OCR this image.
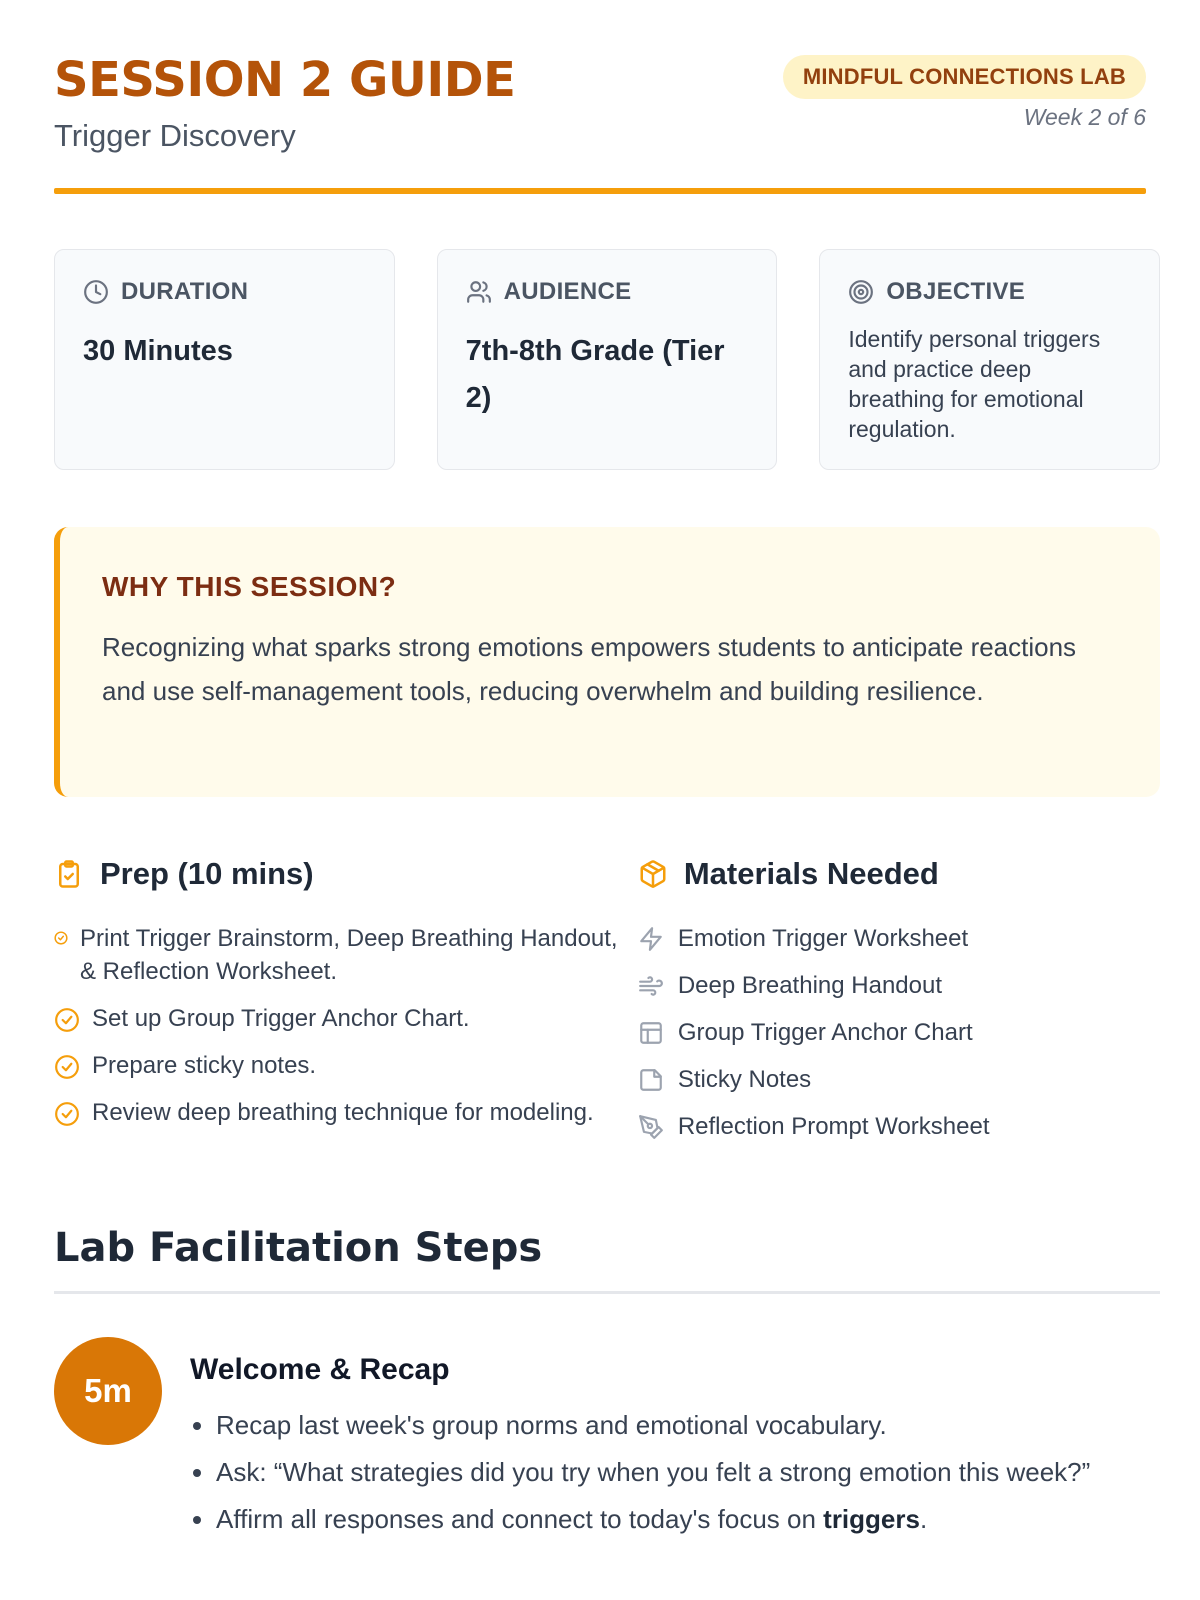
SESSION 2 GUIDE
Trigger Discovery
MINDFUL CONNECTIONS LAB
Week 2 of 6
DURATION
30 Minutes
AUDIENCE
7th-8th Grade (Tier 2)
OBJECTIVE
Identify personal triggers and practice deep breathing for emotional regulation.
WHY THIS SESSION?
Recognizing what sparks strong emotions empowers students to anticipate reactions and use self-management tools, reducing overwhelm and building resilience.
Prep (10 mins)
Print Trigger Brainstorm, Deep Breathing Handout, & Reflection Worksheet.
Set up Group Trigger Anchor Chart.
Prepare sticky notes.
Review deep breathing technique for modeling.
Materials Needed
Emotion Trigger Worksheet
Deep Breathing Handout
Group Trigger Anchor Chart
Sticky Notes
Reflection Prompt Worksheet
Lab Facilitation Steps
5m
Welcome & Recap
• Recap last week's group norms and emotional vocabulary.
• Ask: “What strategies did you try when you felt a strong emotion this week?”
• Affirm all responses and connect to today's focus on triggers.
